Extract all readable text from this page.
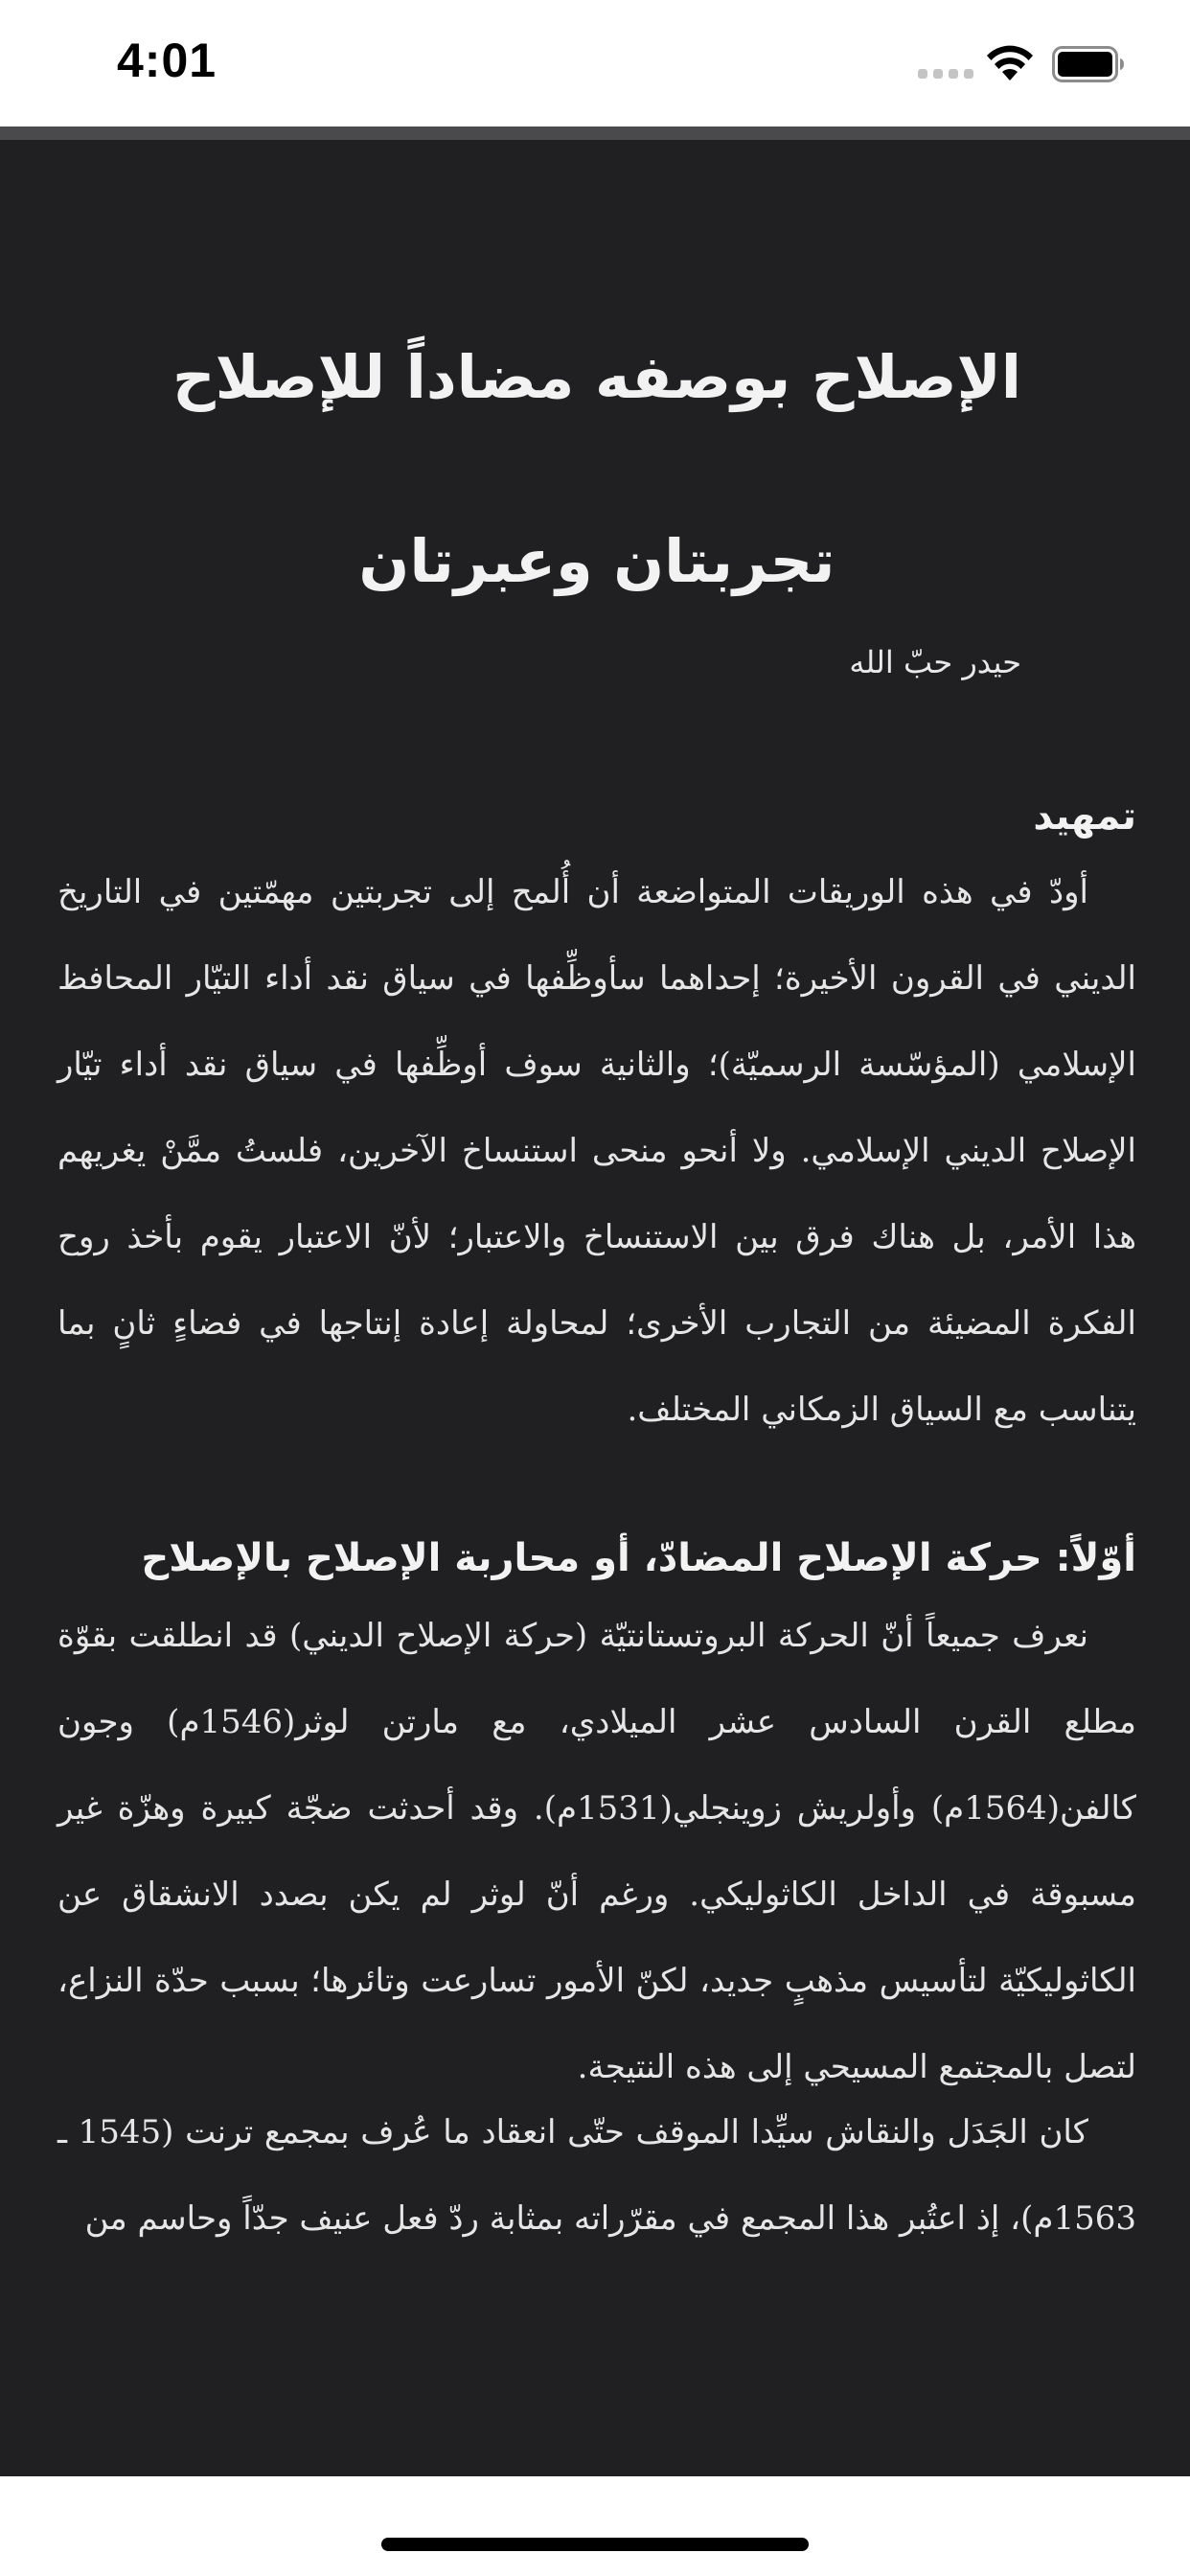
4:01
الإصلاح بوصفه مضاداً للإصلاح
تجربتان وعبرتان

حيدر حبّ الله

تمهيد

أودّ في هذه الوريقات المتواضعة أن أُلمح إلى تجربتين مهمّتين في التاريخ الديني في القرون الأخيرة؛ إحداهما سأوظِّفها في سياق نقد أداء التيّار المحافظ الإسلامي (المؤسّسة الرسميّة)؛ والثانية سوف أوظِّفها في سياق نقد أداء تيّار الإصلاح الديني الإسلامي. ولا أنحو منحى استنساخ الآخرين، فلستُ ممَّنْ يغريهم هذا الأمر، بل هناك فرق بين الاستنساخ والاعتبار؛ لأنّ الاعتبار يقوم بأخذ روح الفكرة المضيئة من التجارب الأخرى؛ لمحاولة إعادة إنتاجها في فضاءٍ ثانٍ بما يتناسب مع السياق الزمكاني المختلف.

أوّلاً: حركة الإصلاح المضادّ، أو محاربة الإصلاح بالإصلاح

نعرف جميعاً أنّ الحركة البروتستانتيّة (حركة الإصلاح الديني) قد انطلقت بقوّة مطلع القرن السادس عشر الميلادي، مع مارتن لوثر(1546م) وجون كالفن(1564م) وأولريش زوينجلي(1531م). وقد أحدثت ضجّة كبيرة وهزّة غير مسبوقة في الداخل الكاثوليكي. ورغم أنّ لوثر لم يكن بصدد الانشقاق عن الكاثوليكيّة لتأسيس مذهبٍ جديد، لكنّ الأمور تسارعت وتائرها؛ بسبب حدّة النزاع، لتصل بالمجتمع المسيحي إلى هذه النتيجة.

كان الجَدَل والنقاش سيِّدا الموقف حتّى انعقاد ما عُرف بمجمع ترنت (1545 ـ 1563م)، إذ اعتُبر هذا المجمع في مقرّراته بمثابة ردّ فعل عنيف جدّاً وحاسم من
